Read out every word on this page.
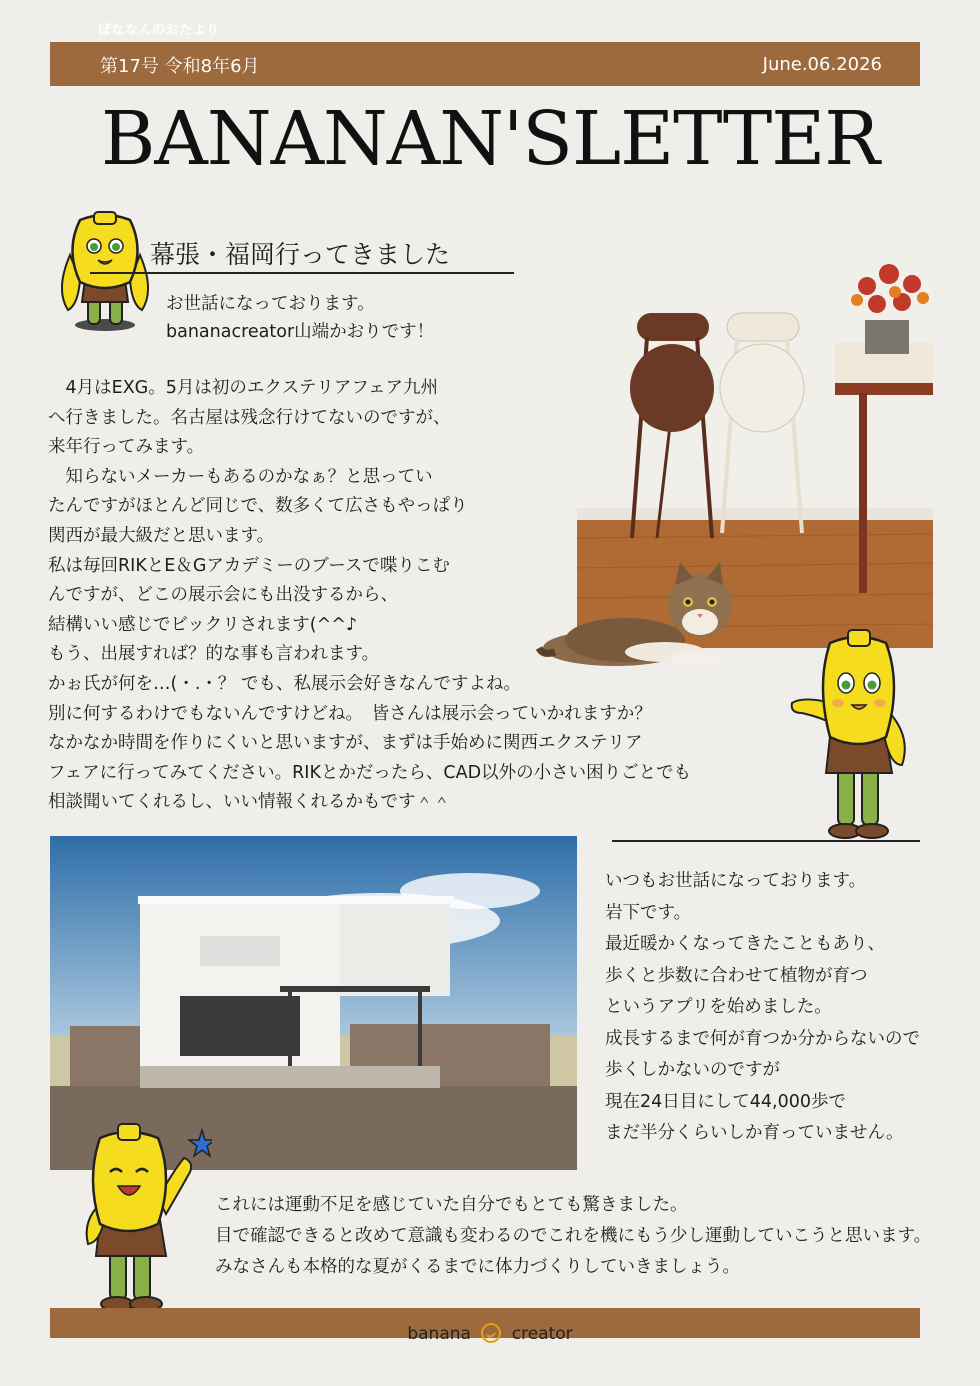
ばななんのおたより
第17号 令和8年6月	June.06.2026
BANANAN'SLETTER
幕張・福岡行ってきました
お世話になっております。
bananacreator山端かおりです！

　4月はEXG。5月は初のエクステリアフェア九州

へ行きました。名古屋は残念行けてないのですが、

来年行ってみます。

　知らないメーカーもあるのかなぁ？と思ってい

たんですがほとんど同じで、数多くて広さもやっぱり

関西が最大級だと思います。

私は毎回RIKとE＆Gアカデミーのブースで喋りこむ

んですが、どこの展示会にも出没するから、

結構いい感じでビックリされます(^^♪

もう、出展すれば？的な事も言われます。

かぉ氏が何を…(・.・？ でも、私展示会好きなんですよね。

別に何するわけでもないんですけどね。　皆さんは展示会っていかれますか？

なかなか時間を作りにくいと思いますが、まずは手始めに関西エクステリア

フェアに行ってみてください。RIKとかだったら、CAD以外の小さい困りごとでも

相談聞いてくれるし、いい情報くれるかもです＾＾

いつもお世話になっております。

岩下です。

最近暖かくなってきたこともあり、

歩くと歩数に合わせて植物が育つ

というアプリを始めました。

成長するまで何が育つか分からないので

歩くしかないのですが

現在24日目にして44,000歩で

まだ半分くらいしか育っていません。

これには運動不足を感じていた自分でもとても驚きました。

目で確認できると改めて意識も変わるのでこれを機にもう少し運動していこうと思います。

みなさんも本格的な夏がくるまでに体力づくりしていきましょう。

banana creator
